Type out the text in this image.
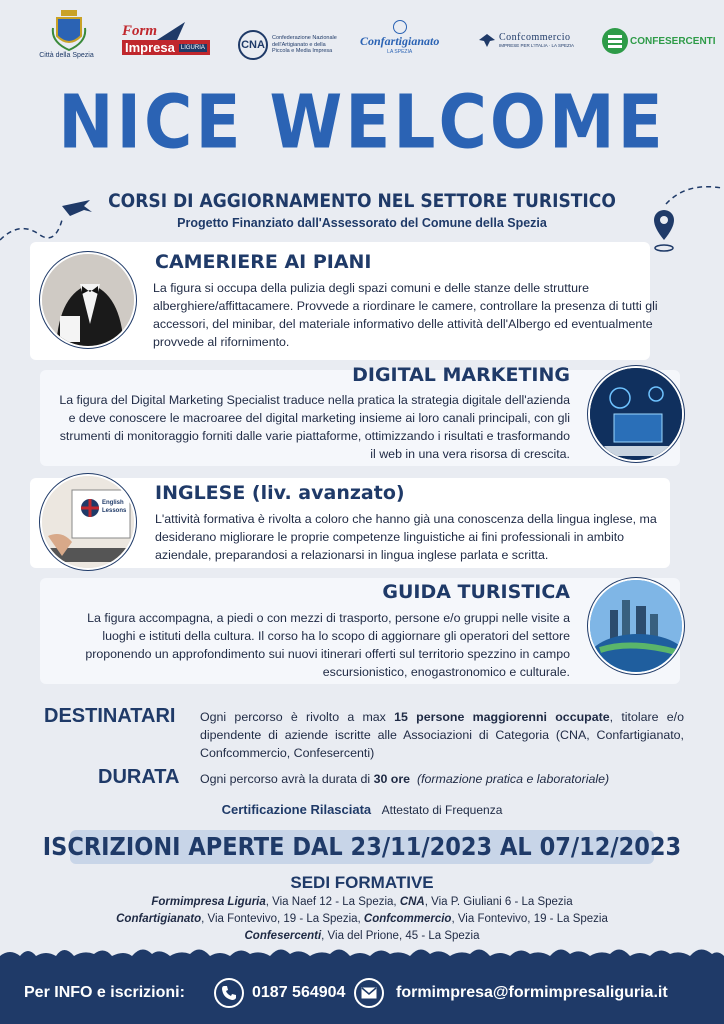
Città della Spezia
Form
Impresa	LIGURIA	CNA
Confederazione Nazionale dell'Artigianato e della Piccola e Media Impresa
Confartigianato
LA SPEZIA
Confcommercio
IMPRESE PER L'ITALIA · LA SPEZIA	CONFESERCENTI
NICE WELCOME
CORSI DI AGGIORNAMENTO NEL SETTORE TURISTICO
Progetto Finanziato dall'Assessorato del Comune della Spezia
CAMERIERE AI PIANI
La figura si occupa della pulizia degli spazi comuni e delle stanze delle strutture alberghiere/affittacamere. Provvede a riordinare le camere, controllare la presenza di tutti gli accessori, del minibar, del materiale informativo delle attività dell'Albergo ed eventualmente provvede al rifornimento.
DIGITAL MARKETING
La figura del Digital Marketing Specialist traduce nella pratica la strategia digitale dell'azienda e deve conoscere le macroaree del digital marketing insieme ai loro canali principali, con gli strumenti di monitoraggio forniti dalle varie piattaforme, ottimizzando i risultati e trasformando il web in una vera risorsa di crescita.
English
Lessons
INGLESE (liv. avanzato)
L'attività formativa è rivolta a coloro che hanno già una conoscenza della lingua inglese, ma desiderano migliorare le proprie competenze linguistiche ai fini professionali in ambito aziendale, preparandosi a relazionarsi in lingua inglese parlata e scritta.
GUIDA TURISTICA
La figura accompagna, a piedi o con mezzi di trasporto, persone e/o gruppi nelle visite a luoghi e istituti della cultura. Il corso ha lo scopo di aggiornare gli operatori del settore proponendo un approfondimento sui nuovi itinerari offerti sul territorio spezzino in campo escursionistico, enogastronomico e culturale.
DESTINATARI Ogni percorso è rivolto a max 15 persone maggiorenni occupate, titolare e/o dipendente di aziende iscritte alle Associazioni di Categoria (CNA, Confartigianato, Confcommercio, Confesercenti)
DURATA Ogni percorso avrà la durata di 30 ore (formazione pratica e laboratoriale)
Certificazione Rilasciata Attestato di Frequenza
ISCRIZIONI APERTE DAL 23/11/2023 AL 07/12/2023
SEDI FORMATIVE
Formimpresa Liguria, Via Naef 12 - La Spezia, CNA, Via P. Giuliani 6 - La Spezia
Confartigianato, Via Fontevivo, 19 - La Spezia, Confcommercio, Via Fontevivo, 19 - La Spezia
Confesercenti, Via del Prione, 45 - La Spezia
Per INFO e iscrizioni:	0187 564904	formimpresa@formimpresaliguria.it
